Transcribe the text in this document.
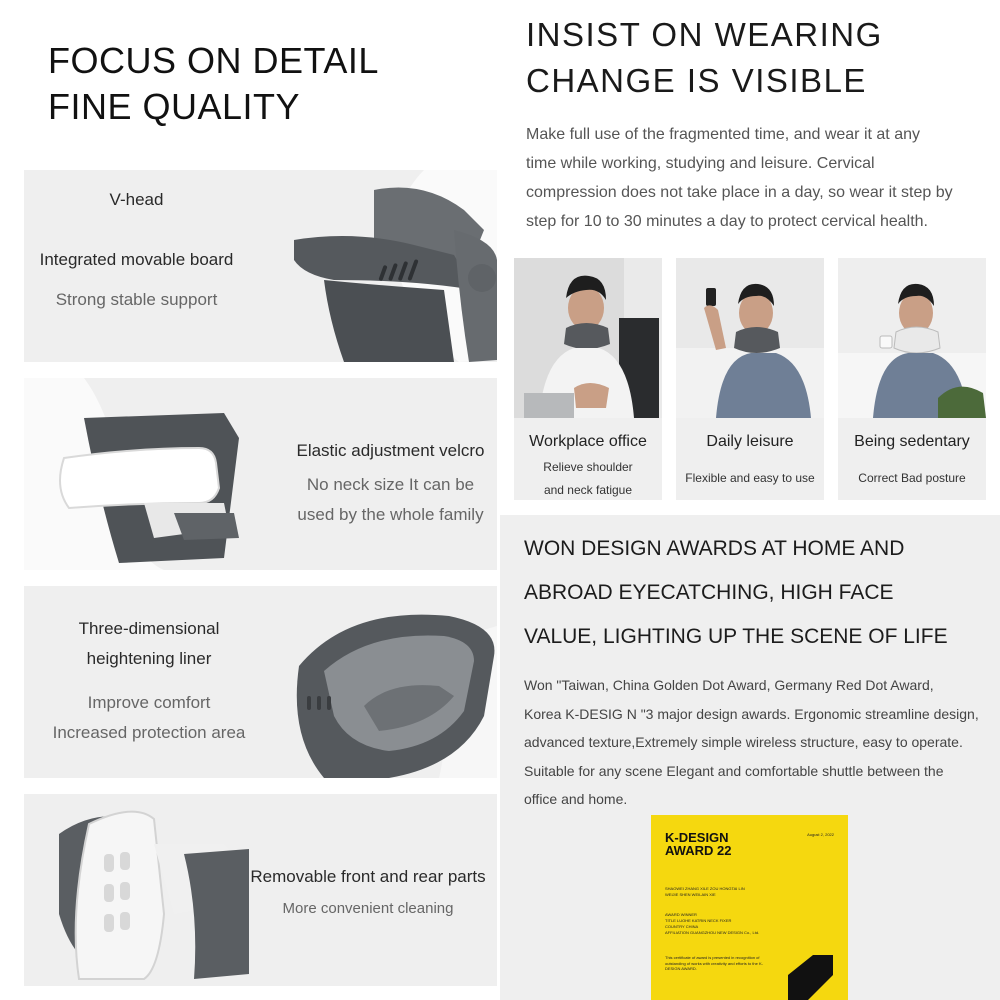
FOCUS ON DETAIL
FINE QUALITY
V-head
Integrated movable board
Strong stable support
Elastic adjustment velcro
No neck size It can be
used by the whole family
Three-dimensional
heightening liner
Improve comfort
Increased protection area
Removable front and rear parts
More convenient cleaning
INSIST ON WEARING
CHANGE IS VISIBLE
Make full use of the fragmented time, and wear it at any
time while working, studying and leisure. Cervical
compression does not take place in a day, so wear it step by
step for 10 to 30 minutes a day to protect cervical health.
Workplace office
Relieve shoulder
and neck fatigue
Daily leisure
Flexible and easy to use
Being sedentary
Correct Bad posture
WON DESIGN AWARDS AT HOME AND
ABROAD EYECATCHING, HIGH FACE
VALUE, LIGHTING UP THE SCENE OF LIFE
Won "Taiwan, China Golden Dot Award, Germany Red Dot Award,
Korea K-DESIG N "3 major design awards. Ergonomic streamline design,
advanced texture,Extremely simple wireless structure, easy to operate.
Suitable for any scene Elegant and comfortable shuttle between the
office and home.
K-DESIGN AWARD 22
August 2, 2022
SHAOWEI ZHANG XILE ZOU HONGTAI LIN
WEIJIE SHEN WEILAIN XIE
AWARD WINNER
TITLE LUOHE KATRIN NECK FIXER
COUNTRY CHINA
AFFILIATION GUANGZHOU NEW DESIGN Co., Ltd.
This certificate of award is presented in recognition of outstanding of works with creativity and efforts to the K-DESIGN AWARD.
